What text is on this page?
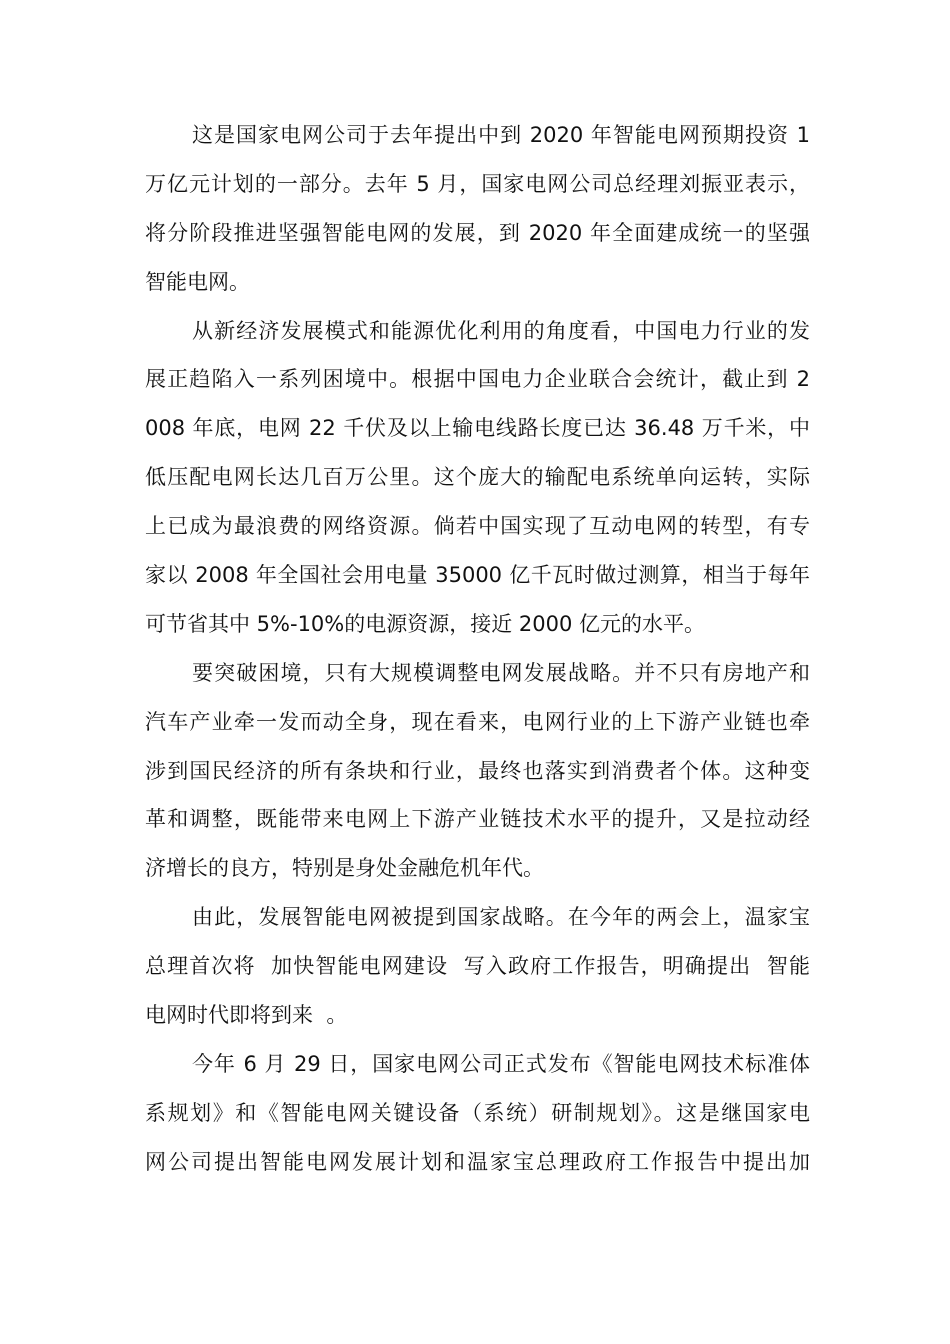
这是国家电网公司于去年提出中到 2020 年智能电网预期投资 1
万亿元计划的一部分。去年 5 月，国家电网公司总经理刘振亚表示，
将分阶段推进坚强智能电网的发展，到 2020 年全面建成统一的坚强
智能电网。
从新经济发展模式和能源优化利用的角度看，中国电力行业的发
展正趋陷入一系列困境中。根据中国电力企业联合会统计，截止到 2
008 年底，电网 22 千伏及以上输电线路长度已达 36.48 万千米，中
低压配电网长达几百万公里。这个庞大的输配电系统单向运转，实际
上已成为最浪费的网络资源。倘若中国实现了互动电网的转型，有专
家以 2008 年全国社会用电量 35000 亿千瓦时做过测算，相当于每年
可节省其中 5%-10%的电源资源，接近 2000 亿元的水平。
要突破困境，只有大规模调整电网发展战略。并不只有房地产和
汽车产业牵一发而动全身，现在看来，电网行业的上下游产业链也牵
涉到国民经济的所有条块和行业，最终也落实到消费者个体。这种变
革和调整，既能带来电网上下游产业链技术水平的提升，又是拉动经
济增长的良方，特别是身处金融危机年代。
由此，发展智能电网被提到国家战略。在今年的两会上，温家宝
总理首次将  加快智能电网建设  写入政府工作报告，明确提出  智能
电网时代即将到来  。
今年 6 月 29 日，国家电网公司正式发布《智能电网技术标准体
系规划》和《智能电网关键设备（系统）研制规划》。这是继国家电
网公司提出智能电网发展计划和温家宝总理政府工作报告中提出加
